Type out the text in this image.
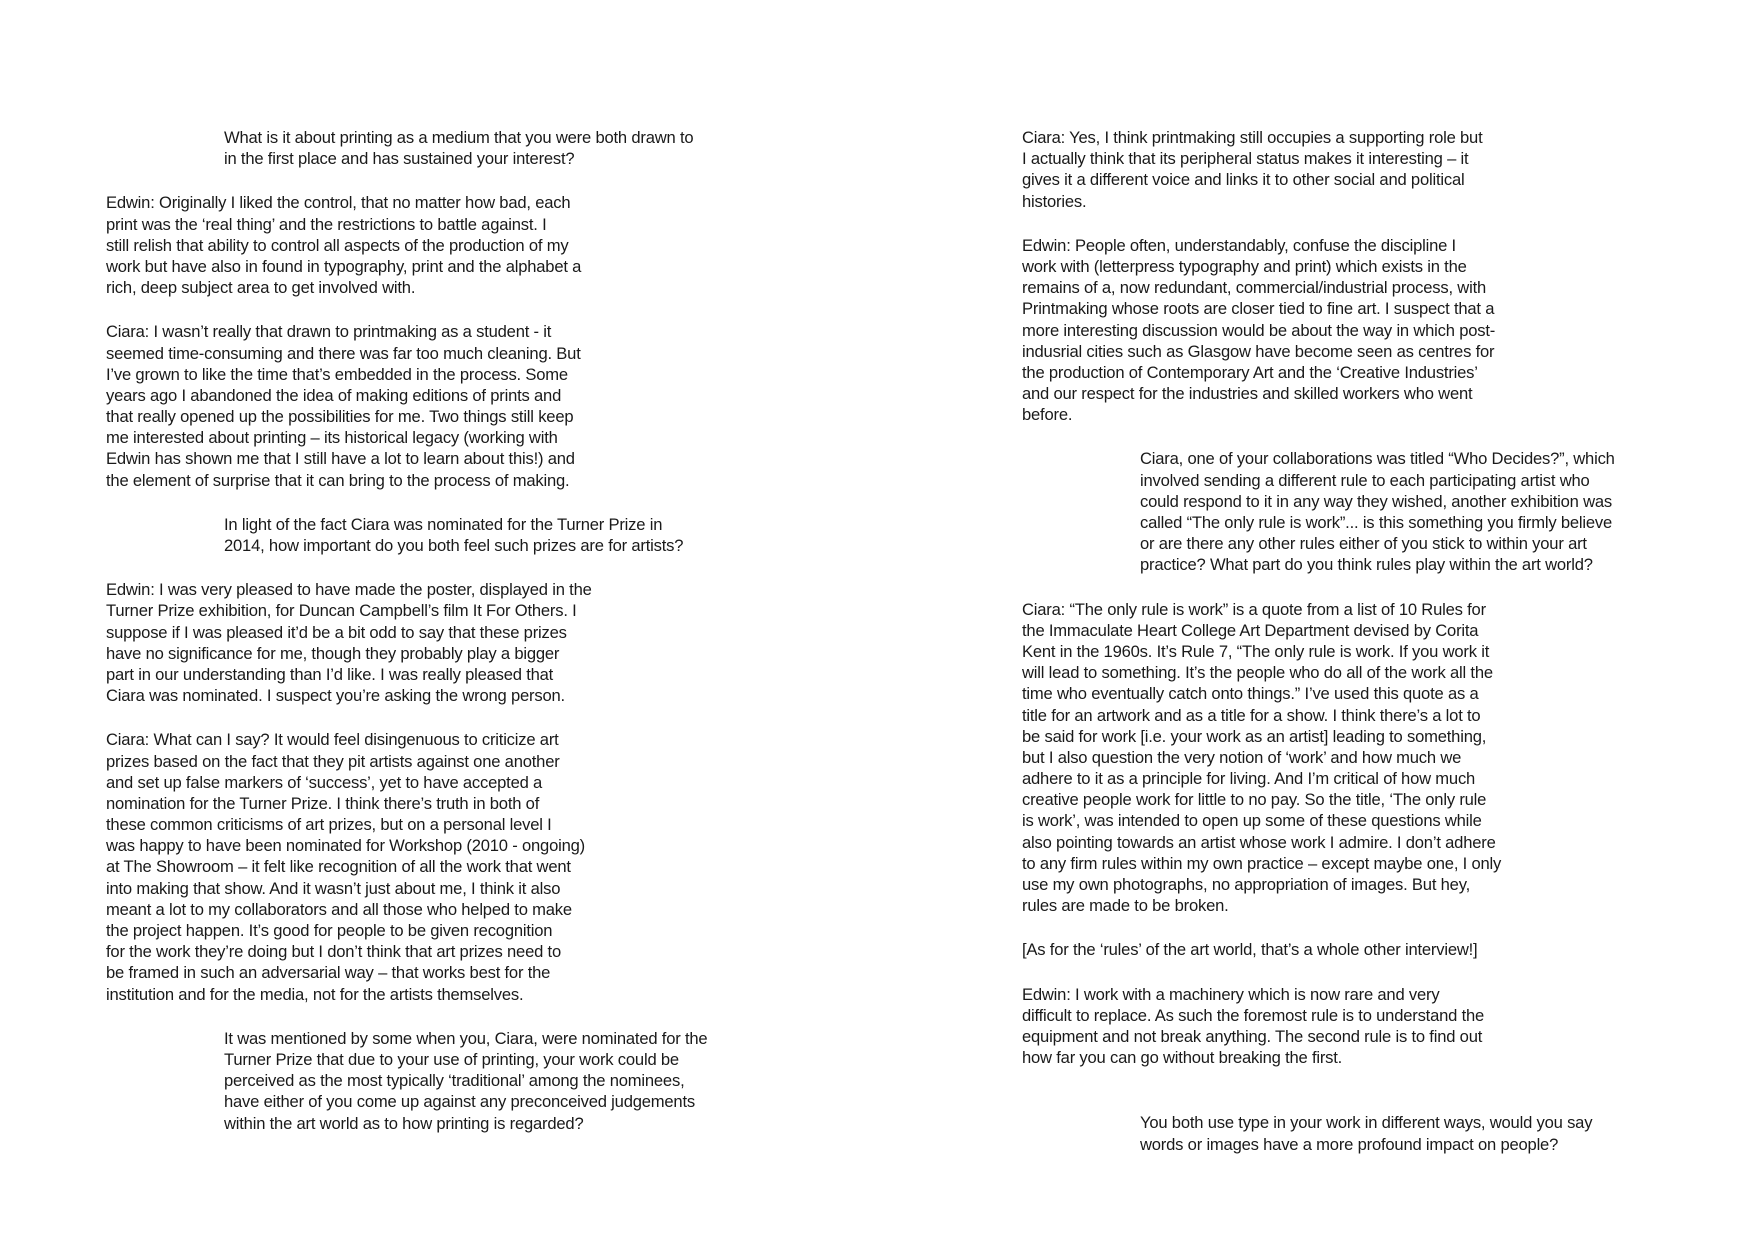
What is it about printing as a medium that you were both drawn to
in the first place and has sustained your interest?
Edwin: Originally I liked the control, that no matter how bad, each
print was the ‘real thing’ and the restrictions to battle against. I
still relish that ability to control all aspects of the production of my
work but have also in found in typography, print and the alphabet a
rich, deep subject area to get involved with.
Ciara: I wasn’t really that drawn to printmaking as a student - it
seemed time-consuming and there was far too much cleaning. But
I’ve grown to like the time that’s embedded in the process. Some
years ago I abandoned the idea of making editions of prints and
that really opened up the possibilities for me. Two things still keep
me interested about printing – its historical legacy (working with
Edwin has shown me that I still have a lot to learn about this!) and
the element of surprise that it can bring to the process of making.
In light of the fact Ciara was nominated for the Turner Prize in
2014, how important do you both feel such prizes are for artists?
Edwin: I was very pleased to have made the poster, displayed in the
Turner Prize exhibition, for Duncan Campbell’s film It For Others. I
suppose if I was pleased it’d be a bit odd to say that these prizes
have no significance for me, though they probably play a bigger
part in our understanding than I’d like. I was really pleased that
Ciara was nominated. I suspect you’re asking the wrong person.
Ciara: What can I say? It would feel disingenuous to criticize art
prizes based on the fact that they pit artists against one another
and set up false markers of ‘success’, yet to have accepted a
nomination for the Turner Prize. I think there’s truth in both of
these common criticisms of art prizes, but on a personal level I
was happy to have been nominated for Workshop (2010 - ongoing)
at The Showroom – it felt like recognition of all the work that went
into making that show. And it wasn’t just about me, I think it also
meant a lot to my collaborators and all those who helped to make
the project happen. It’s good for people to be given recognition
for the work they’re doing but I don’t think that art prizes need to
be framed in such an adversarial way – that works best for the
institution and for the media, not for the artists themselves.
It was mentioned by some when you, Ciara, were nominated for the
Turner Prize that due to your use of printing, your work could be
perceived as the most typically ‘traditional’ among the nominees,
have either of you come up against any preconceived judgements
within the art world as to how printing is regarded?
Ciara: Yes, I think printmaking still occupies a supporting role but
I actually think that its peripheral status makes it interesting – it
gives it a different voice and links it to other social and political
histories.
Edwin: People often, understandably, confuse the discipline I
work with (letterpress typography and print) which exists in the
remains of a, now redundant, commercial/industrial process, with
Printmaking whose roots are closer tied to fine art. I suspect that a
more interesting discussion would be about the way in which post-
indusrial cities such as Glasgow have become seen as centres for
the production of Contemporary Art and the ‘Creative Industries’
and our respect for the industries and skilled workers who went
before.
Ciara, one of your collaborations was titled “Who Decides?”, which
involved sending a different rule to each participating artist who
could respond to it in any way they wished, another exhibition was
called “The only rule is work”... is this something you firmly believe
or are there any other rules either of you stick to within your art
practice? What part do you think rules play within the art world?
Ciara: “The only rule is work” is a quote from a list of 10 Rules for
the Immaculate Heart College Art Department devised by Corita
Kent in the 1960s. It’s Rule 7, “The only rule is work. If you work it
will lead to something. It’s the people who do all of the work all the
time who eventually catch onto things.” I’ve used this quote as a
title for an artwork and as a title for a show. I think there’s a lot to
be said for work [i.e. your work as an artist] leading to something,
but I also question the very notion of ‘work’ and how much we
adhere to it as a principle for living. And I’m critical of how much
creative people work for little to no pay. So the title, ‘The only rule
is work’, was intended to open up some of these questions while
also pointing towards an artist whose work I admire. I don’t adhere
to any firm rules within my own practice – except maybe one, I only
use my own photographs, no appropriation of images. But hey,
rules are made to be broken.
[As for the ‘rules’ of the art world, that’s a whole other interview!]
Edwin: I work with a machinery which is now rare and very
difficult to replace. As such the foremost rule is to understand the
equipment and not break anything. The second rule is to find out
how far you can go without breaking the first.
You both use type in your work in different ways, would you say
words or images have a more profound impact on people?
